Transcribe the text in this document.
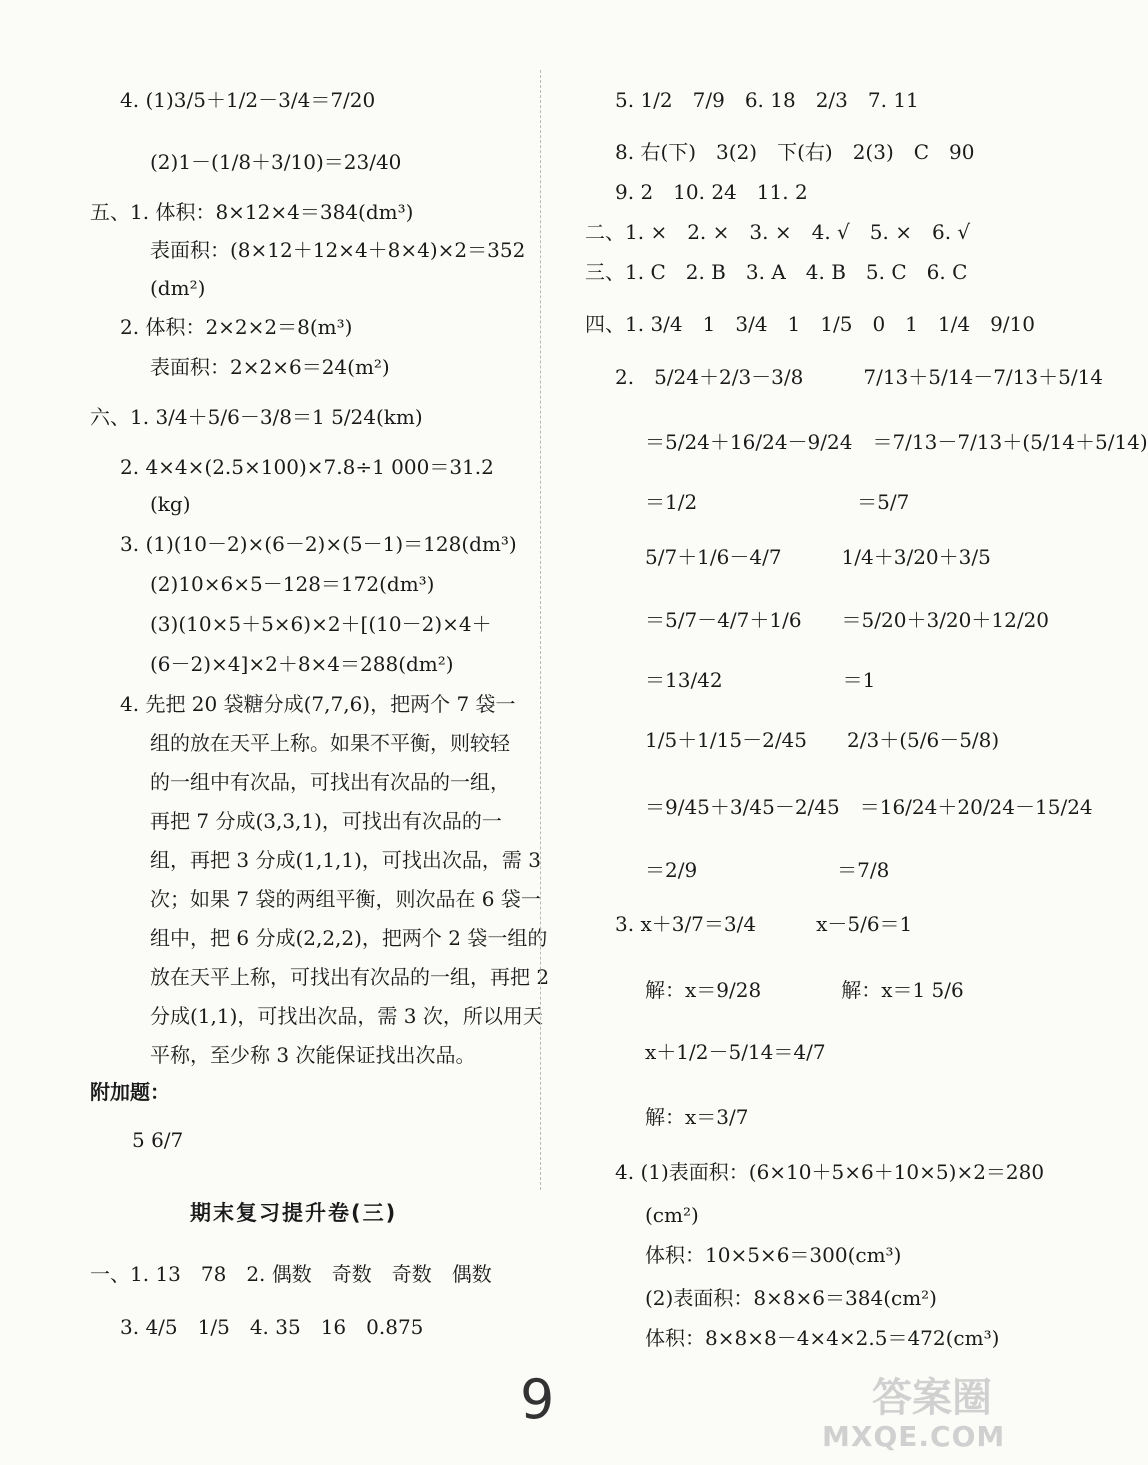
4. (1)3/5＋1/2－3/4＝7/20
(2)1－(1/8＋3/10)＝23/40
五、1. 体积：8×12×4＝384(dm³)
表面积：(8×12＋12×4＋8×4)×2＝352
(dm²)
2. 体积：2×2×2＝8(m³)
表面积：2×2×6＝24(m²)
六、1. 3/4＋5/6－3/8＝1 5/24(km)
2. 4×4×(2.5×100)×7.8÷1 000＝31.2
(kg)
3. (1)(10－2)×(6－2)×(5－1)＝128(dm³)
(2)10×6×5－128＝172(dm³)
(3)(10×5＋5×6)×2＋[(10－2)×4＋
(6－2)×4]×2＋8×4＝288(dm²)
4. 先把 20 袋糖分成(7,7,6)，把两个 7 袋一
组的放在天平上称。如果不平衡，则较轻
的一组中有次品，可找出有次品的一组，
再把 7 分成(3,3,1)，可找出有次品的一
组，再把 3 分成(1,1,1)，可找出次品，需 3
次；如果 7 袋的两组平衡，则次品在 6 袋一
组中，把 6 分成(2,2,2)，把两个 2 袋一组的
放在天平上称，可找出有次品的一组，再把 2
分成(1,1)，可找出次品，需 3 次，所以用天
平称，至少称 3 次能保证找出次品。
附加题：
5 6/7
期末复习提升卷(三)
一、1. 13　78　2. 偶数　奇数　奇数　偶数
3. 4/5　1/5　4. 35　16　0.875
5. 1/2　7/9　6. 18　2/3　7. 11
8. 右(下)　3(2)　下(右)　2(3)　C　90
9. 2　10. 24　11. 2
二、1. ×　2. ×　3. ×　4. √　5. ×　6. √
三、1. C　2. B　3. A　4. B　5. C　6. C
四、1. 3/4　1　3/4　1　1/5　0　1　1/4　9/10
2.　5/24＋2/3－3/8　　　7/13＋5/14－7/13＋5/14
＝5/24＋16/24－9/24　＝7/13－7/13＋(5/14＋5/14)
＝1/2　　　　　　　　＝5/7
5/7＋1/6－4/7　　　1/4＋3/20＋3/5
＝5/7－4/7＋1/6　　＝5/20＋3/20＋12/20
＝13/42　　　　　　＝1
1/5＋1/15－2/45　　2/3＋(5/6－5/8)
＝9/45＋3/45－2/45　＝16/24＋20/24－15/24
＝2/9　　　　　　　＝7/8
3. x＋3/7＝3/4　　　x－5/6＝1
解：x＝9/28　　　　解：x＝1 5/6
x＋1/2－5/14＝4/7
解：x＝3/7
4. (1)表面积：(6×10＋5×6＋10×5)×2＝280
(cm²)
体积：10×5×6＝300(cm³)
(2)表面积：8×8×6＝384(cm²)
体积：8×8×8－4×4×2.5＝472(cm³)
9	答案圈
MXQE.COM
